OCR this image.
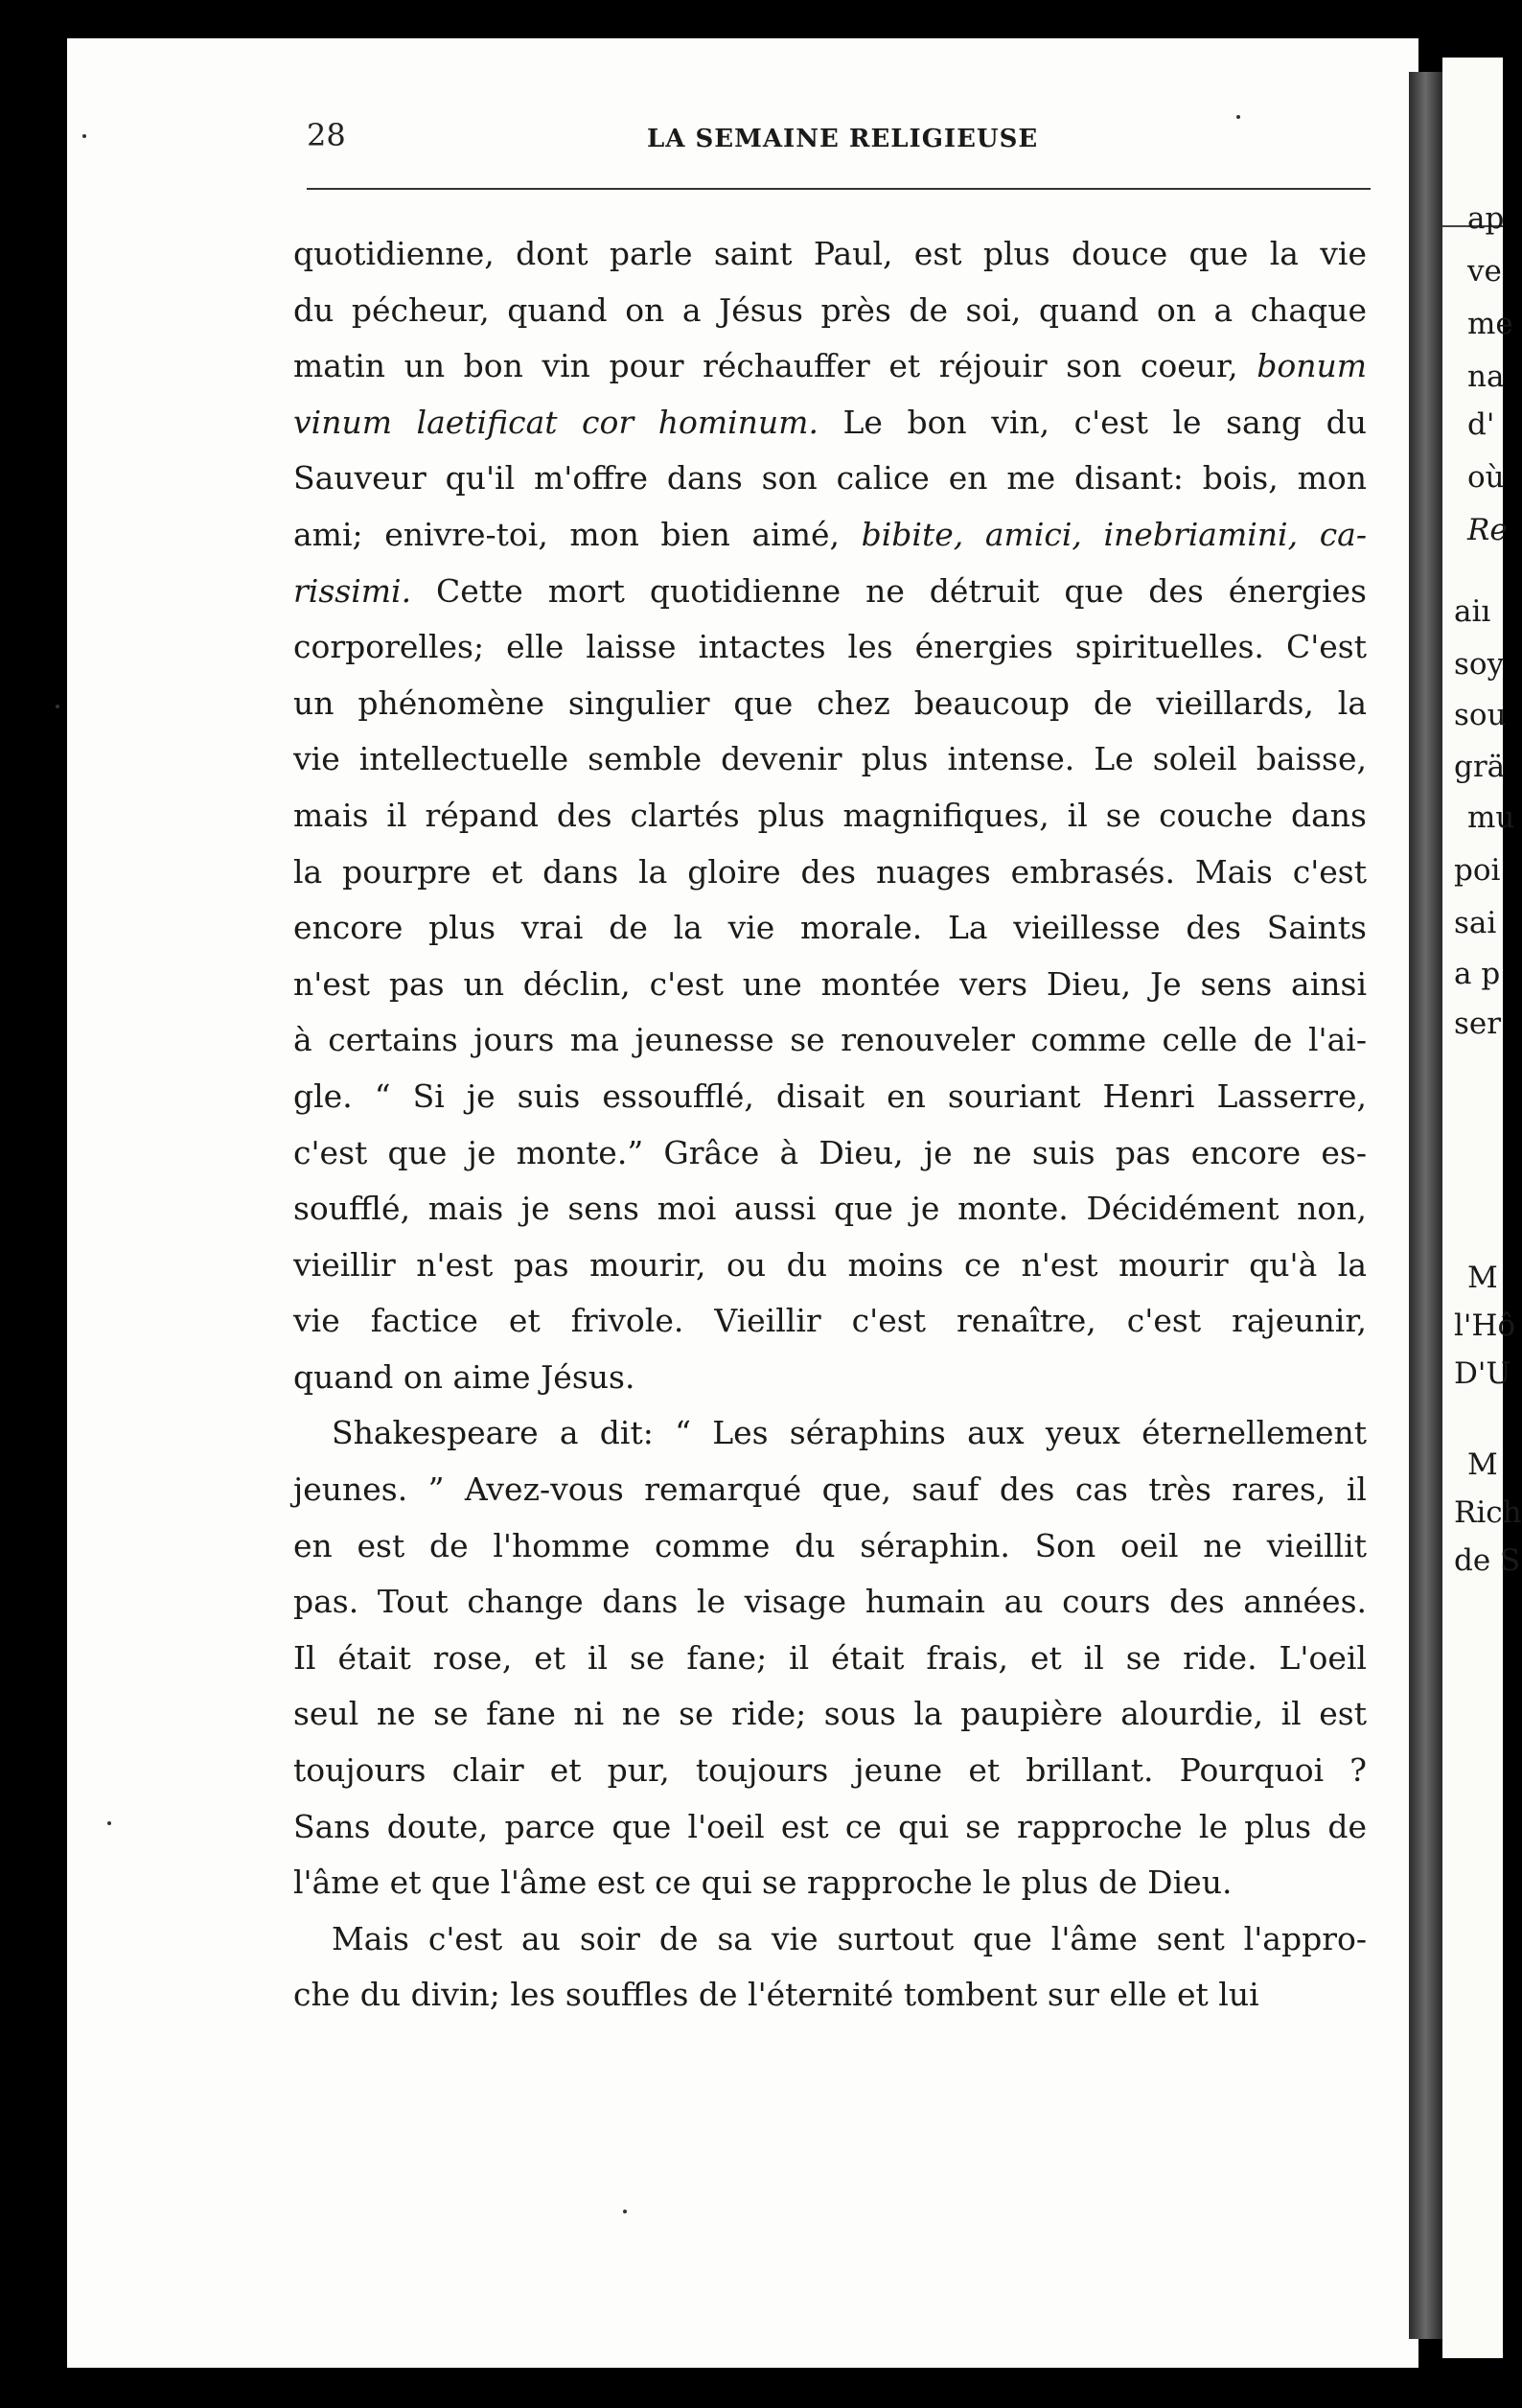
28	LA SEMAINE RELIGIEUSE
quotidienne, dont parle saint Paul, est plus douce que la vie
du pécheur, quand on a Jésus près de soi, quand on a chaque
matin un bon vin pour réchauffer et réjouir son coeur, bonum
vinum laetificat cor hominum. Le bon vin, c'est le sang du
Sauveur qu'il m'offre dans son calice en me disant: bois, mon
ami; enivre-toi, mon bien aimé, bibite, amici, inebriamini, ca-
rissimi. Cette mort quotidienne ne détruit que des énergies
corporelles; elle laisse intactes les énergies spirituelles. C'est
un phénomène singulier que chez beaucoup de vieillards, la
vie intellectuelle semble devenir plus intense. Le soleil baisse,
mais il répand des clartés plus magnifiques, il se couche dans
la pourpre et dans la gloire des nuages embrasés. Mais c'est
encore plus vrai de la vie morale. La vieillesse des Saints
n'est pas un déclin, c'est une montée vers Dieu, Je sens ainsi
à certains jours ma jeunesse se renouveler comme celle de l'ai-
gle. “ Si je suis essoufflé, disait en souriant Henri Lasserre,
c'est que je monte.” Grâce à Dieu, je ne suis pas encore es-
soufflé, mais je sens moi aussi que je monte. Décidément non,
vieillir n'est pas mourir, ou du moins ce n'est mourir qu'à la
vie factice et frivole. Vieillir c'est renaître, c'est rajeunir,
quand on aime Jésus.
Shakespeare a dit: “ Les séraphins aux yeux éternellement
jeunes. ” Avez-vous remarqué que, sauf des cas très rares, il
en est de l'homme comme du séraphin. Son oeil ne vieillit
pas. Tout change dans le visage humain au cours des années.
Il était rose, et il se fane; il était frais, et il se ride. L'oeil
seul ne se fane ni ne se ride; sous la paupière alourdie, il est
toujours clair et pur, toujours jeune et brillant. Pourquoi ?
Sans doute, parce que l'oeil est ce qui se rapproche le plus de
l'âme et que l'âme est ce qui se rapproche le plus de Dieu.
Mais c'est au soir de sa vie surtout que l'âme sent l'appro-
che du divin; les souffles de l'éternité tombent sur elle et lui
ap
ve
me
na
d'
où
Re
aiı
soy
sou
grä
mu
poi
sai
a p
ser
M
l'Hô
D'U
M
Rich
de S
